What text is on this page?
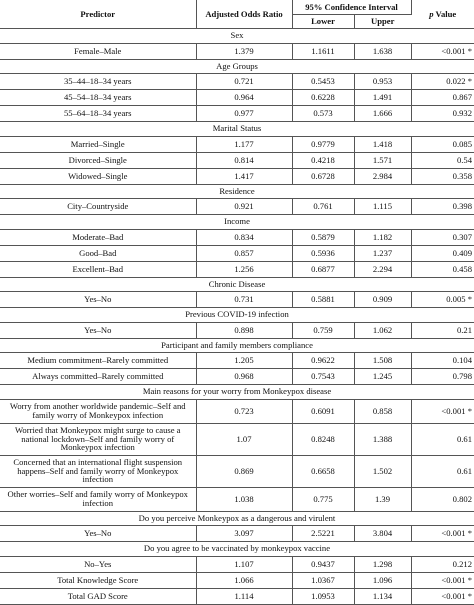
Predictor	Adjusted Odds Ratio	95% Confidence Interval		p Value
		Lower	Upper	
Sex				
Female–Male	1.379	1.1611	1.638	<0.001 *
Age Groups				
35–44–18–34 years	0.721	0.5453	0.953	0.022 *
45–54–18–34 years	0.964	0.6228	1.491	0.867
55–64–18–34 years	0.977	0.573	1.666	0.932
Marital Status				
Married–Single	1.177	0.9779	1.418	0.085
Divorced–Single	0.814	0.4218	1.571	0.54
Widowed–Single	1.417	0.6728	2.984	0.358
Residence				
City–Countryside	0.921	0.761	1.115	0.398
Income				
Moderate–Bad	0.834	0.5879	1.182	0.307
Good–Bad	0.857	0.5936	1.237	0.409
Excellent–Bad	1.256	0.6877	2.294	0.458
Chronic Disease				
Yes–No	0.731	0.5881	0.909	0.005 *
Previous COVID-19 infection				
Yes–No	0.898	0.759	1.062	0.21
Participant and family members compliance				
Medium commitment–Rarely committed	1.205	0.9622	1.508	0.104
Always committed–Rarely committed	0.968	0.7543	1.245	0.798
Main reasons for your worry from Monkeypox disease				
Worry from another worldwide pandemic–Self and family worry of Monkeypox infection	0.723	0.6091	0.858	<0.001 *
Worried that Monkeypox might surge to cause a national lockdown–Self and family worry of Monkeypox infection	1.07	0.8248	1.388	0.61
Concerned that an international flight suspension happens–Self and family worry of Monkeypox infection	0.869	0.6658	1.502	0.61
Other worries–Self and family worry of Monkeypox infection	1.038	0.775	1.39	0.802
Do you perceive Monkeypox as a dangerous and virulent				
Yes–No	3.097	2.5221	3.804	<0.001 *
Do you agree to be vaccinated by monkeypox vaccine				
No–Yes	1.107	0.9437	1.298	0.212
Total Knowledge Score	1.066	1.0367	1.096	<0.001 *
Total GAD Score	1.114	1.0953	1.134	<0.001 *
